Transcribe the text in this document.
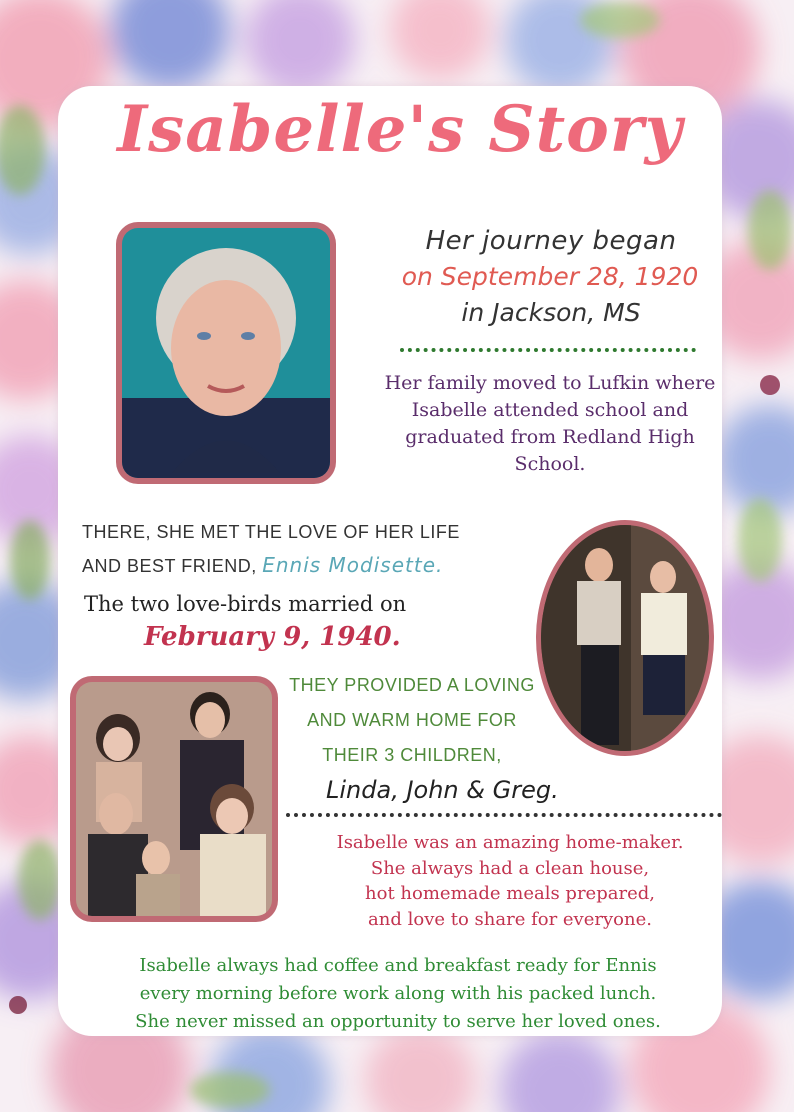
Isabelle's Story
Her journey began
on September 28, 1920
in Jackson, MS
Her family moved to Lufkin where Isabelle attended school and graduated from Redland High School.
THERE, SHE MET THE LOVE OF HER LIFE AND BEST FRIEND, Ennis Modisette.
The two love-birds married on
February 9, 1940.
THEY PROVIDED A LOVING AND WARM HOME FOR THEIR 3 CHILDREN,
Linda, John & Greg.
Isabelle was an amazing home-maker.
She always had a clean house,
hot homemade meals prepared,
and love to share for everyone.
Isabelle always had coffee and breakfast ready for Ennis
every morning before work along with his packed lunch.
She never missed an opportunity to serve her loved ones.
